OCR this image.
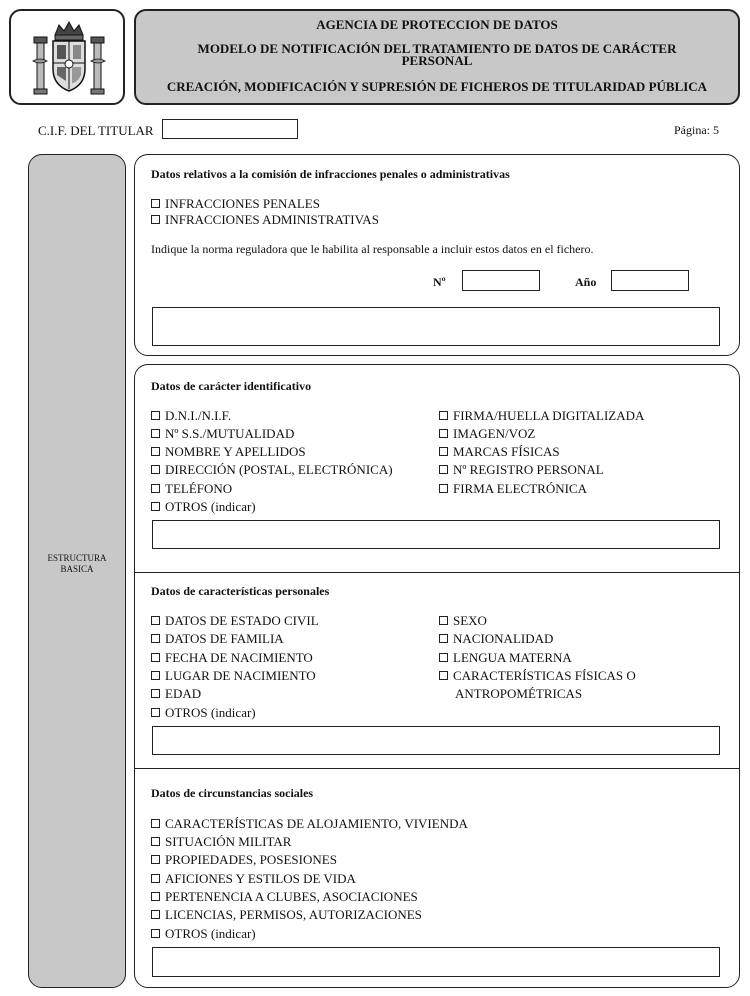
AGENCIA DE PROTECCION DE DATOS
MODELO DE NOTIFICACIÓN DEL TRATAMIENTO DE DATOS DE CARÁCTER PERSONAL
CREACIÓN, MODIFICACIÓN Y SUPRESIÓN DE FICHEROS DE TITULARIDAD PÚBLICA
C.I.F. DEL TITULAR	Página: 5
ESTRUCTURA
BASICA
Datos relativos a la comisión de infracciones penales o administrativas
INFRACCIONES PENALES
INFRACCIONES ADMINISTRATIVAS
Indique la norma reguladora que le habilita al responsable a incluir estos datos en el fichero.
Nº	Año
Datos de carácter identificativo
D.N.I./N.I.F.
Nº S.S./MUTUALIDAD
NOMBRE Y APELLIDOS
DIRECCIÓN (POSTAL, ELECTRÓNICA)
TELÉFONO
OTROS (indicar)
FIRMA/HUELLA DIGITALIZADA
IMAGEN/VOZ
MARCAS FÍSICAS
Nº REGISTRO PERSONAL
FIRMA ELECTRÓNICA
Datos de características personales
DATOS DE ESTADO CIVIL
DATOS DE FAMILIA
FECHA DE NACIMIENTO
LUGAR DE NACIMIENTO
EDAD
OTROS (indicar)
SEXO
NACIONALIDAD
LENGUA MATERNA
CARACTERÍSTICAS FÍSICAS O
ANTROPOMÉTRICAS
Datos de circunstancias sociales
CARACTERÍSTICAS DE ALOJAMIENTO, VIVIENDA
SITUACIÓN MILITAR
PROPIEDADES, POSESIONES
AFICIONES Y ESTILOS DE VIDA
PERTENENCIA A CLUBES, ASOCIACIONES
LICENCIAS, PERMISOS, AUTORIZACIONES
OTROS (indicar)
